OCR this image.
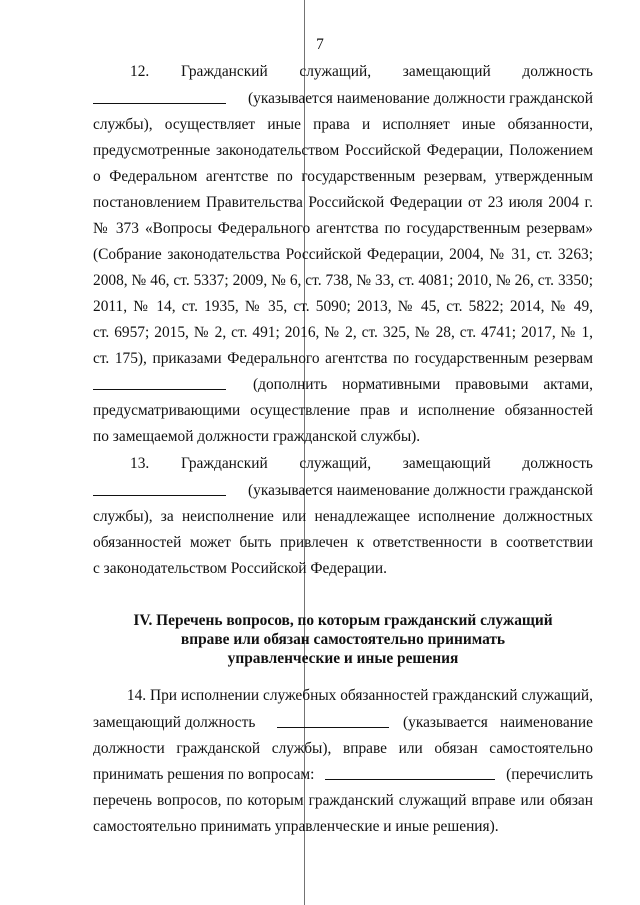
7
12. Гражданский служащий, замещающий должность
(указывается наименование должности гражданской
службы), осуществляет иные права и исполняет иные обязанности,
предусмотренные законодательством Российской Федерации, Положением
о Федеральном агентстве по государственным резервам, утвержденным
постановлением Правительства Российской Федерации от 23 июля 2004 г.
№ 373 «Вопросы Федерального агентства по государственным резервам»
(Собрание законодательства Российской Федерации, 2004, № 31, ст. 3263;
2008, № 46, ст. 5337; 2009, № 6, ст. 738, № 33, ст. 4081; 2010, № 26, ст. 3350;
2011, № 14, ст. 1935, № 35, ст. 5090; 2013, № 45, ст. 5822; 2014, № 49,
ст. 6957; 2015, № 2, ст. 491; 2016, № 2, ст. 325, № 28, ст. 4741; 2017, № 1,
ст. 175), приказами Федерального агентства по государственным резервам
(дополнить нормативными правовыми актами,
предусматривающими осуществление прав и исполнение обязанностей
по замещаемой должности гражданской службы).
13. Гражданский служащий, замещающий должность
(указывается наименование должности гражданской
службы), за неисполнение или ненадлежащее исполнение должностных
обязанностей может быть привлечен к ответственности в соответствии
с законодательством Российской Федерации.
IV. Перечень вопросов, по которым гражданский служащий
вправе или обязан самостоятельно принимать
управленческие и иные решения
14. При исполнении служебных обязанностей гражданский служащий,
замещающий должность	(указывается наименование
должности гражданской службы), вправе или обязан самостоятельно
принимать решения по вопросам:	(перечислить
перечень вопросов, по которым гражданский служащий вправе или обязан
самостоятельно принимать управленческие и иные решения).
